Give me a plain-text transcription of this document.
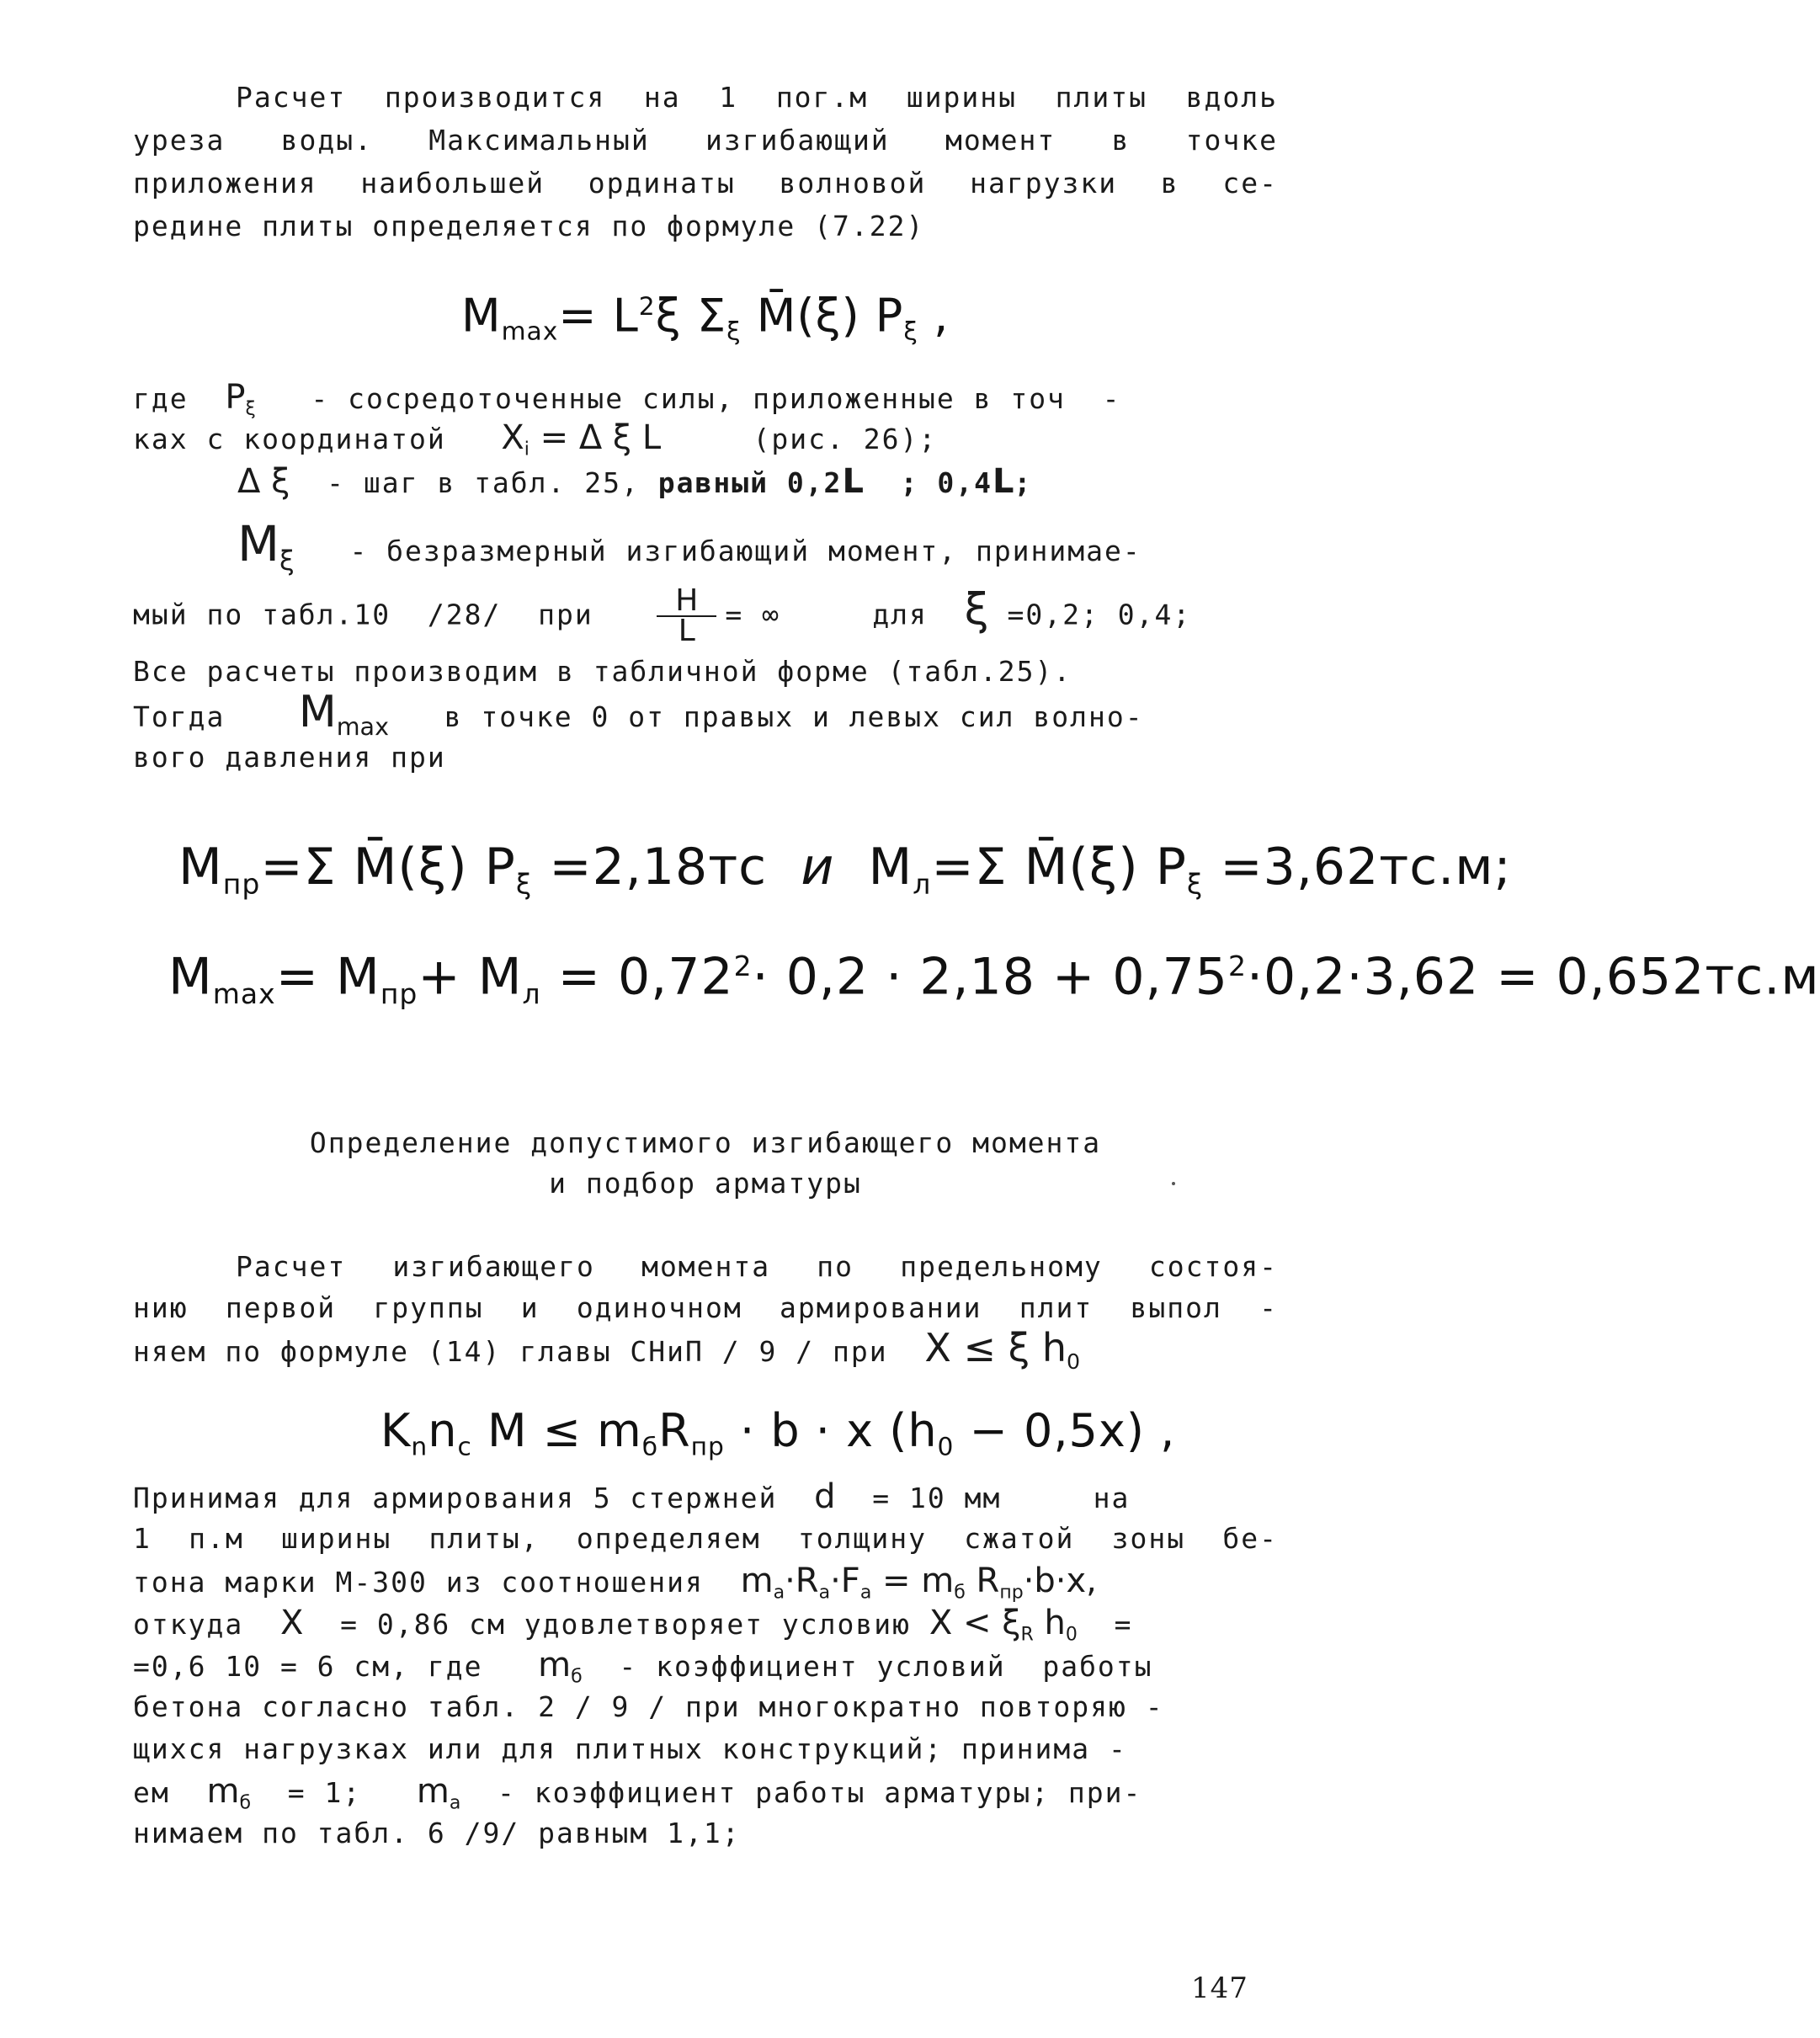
Расчет производится на 1 пог.м ширины плиты вдоль
уреза воды. Максимальный изгибающий момент в точке
приложения наибольшей ординаты волновой нагрузки в се-
редине плиты определяется по формуле (7.22)
$M_{max}= L^2\xi$ $\Sigma_\xi$ M̄(ξ) $P_\xi$ ,
где  $P_\xi$   - сосредоточенные силы, приложенные в точ  -
ках с координатой   $X_i = \Delta$ ξ L     (рис. 26);
Δ ξ  - шаг в табл. 25, равный 0,2L  ; 0,4L;
$M_\xi$   - безразмерный изгибающий момент, принимае-
мый по табл.10  /28/  при $\frac{H}{L}$ = ∞     для  ξ =0,2; 0,4;
Все расчеты производим в табличной форме (табл.25).
Тогда    $M_{max}$   в точке 0 от правых и левых сил волно-
вого давления при
$M_{пр}=\Sigma$ M̄(ξ) $P_\xi =2,18тс$  и  $M_л=\Sigma$ M̄(ξ) $P_\xi =3,62тс.м$;
$M_{max}= M_{пр}+ M_л = 0,72^2\cdot 0,2 \cdot 2,18 + 0,75^2\cdot 0,2\cdot 3,62 = 0,652тс.м$
Определение допустимого изгибающего момента
и подбор арматуры
Расчет изгибающего момента по предельному состоя-
нию первой группы и одиночном армировании плит выпол -
няем по формуле (14) главы СНиП / 9 / при  X ≤ ξ $h_0$
$K_nn_c$ $M \le m_бR_{пр} \cdot b \cdot x$ $(h_0 - 0,5x)$ ,
Принимая для армирования 5 стержней  d  = 10 мм     на
1 п.м ширины плиты, определяем толщину сжатой зоны бе-
тона марки М-300 из соотношения  $m_a\cdot R_a\cdot F_a = m_б$ $R_{пр}\cdot b\cdot x$,
откуда  X  = 0,86 см удовлетворяет условию $X < \xi_R$ $h_0$  =
=0,6 10 = 6 см, где   $m_б$  - коэффициент условий  работы
бетона согласно табл. 2 / 9 / при многократно повторяю -
щихся нагрузках или для плитных конструкций; принима -
ем  $m_б = 1$;   $m_a$  - коэффициент работы арматуры; при-
нимаем по табл. 6 /9/ равным 1,1;
147
